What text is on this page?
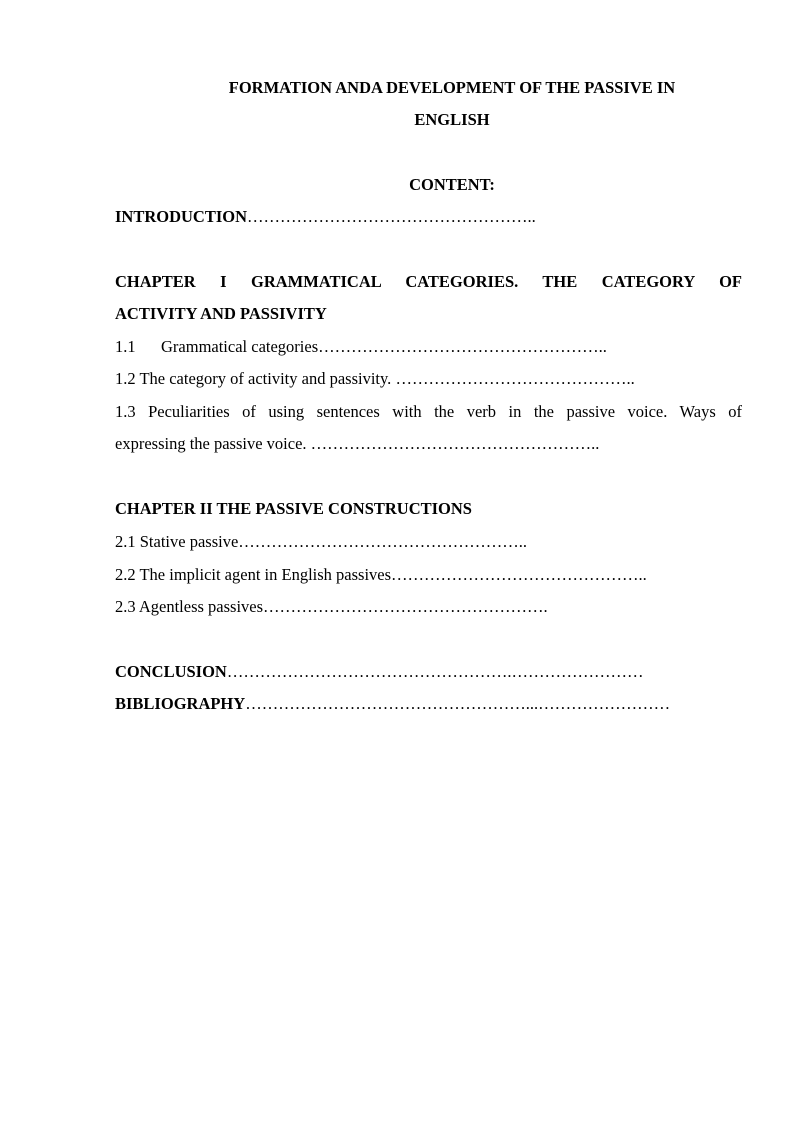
FORMATION ANDA DEVELOPMENT OF THE PASSIVE IN
ENGLISH
CONTENT:
INTRODUCTION……………………………………………..
CHAPTER I GRAMMATICAL CATEGORIES. THE CATEGORY OF
ACTIVITY AND PASSIVITY
1.1 Grammatical categories……………………………………………..
1.2 The category of activity and passivity. ……………………………………..
1.3 Peculiarities of using sentences with the verb in the passive voice. Ways of
expressing the passive voice. ……………………………………………..
CHAPTER II THE PASSIVE CONSTRUCTIONS
2.1 Stative passive……………………………………………..
2.2 The implicit agent in English passives………………………………………..
2.3 Agentless passives…………………………………………….
CONCLUSION…………………………………………….……………………
BIBLIOGRAPHY……………………………………………...……………………
